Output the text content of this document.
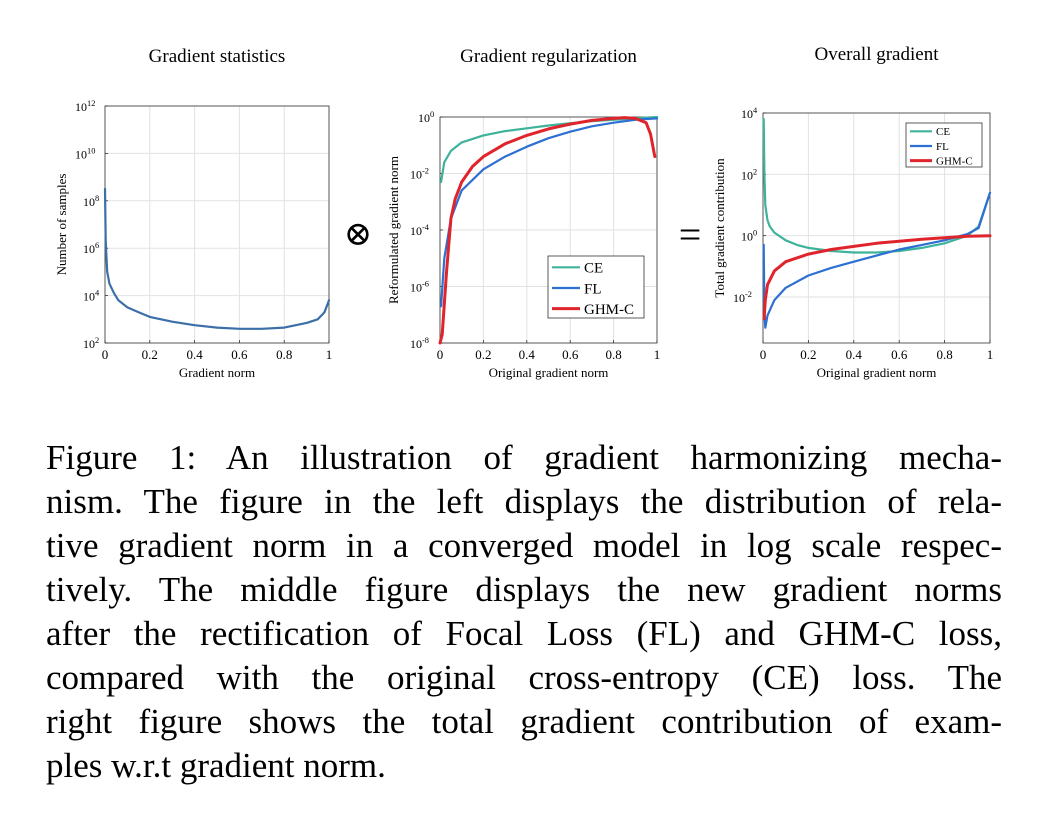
0	0.2 0.4 0.6 0.8	1
$10^2$
$10^4$
$10^6$
$10^8$
$10^{10}$
$10^{12}$
Gradient statistics
Gradient norm
Number of samples	⊗
0 0.2 0.4 0.6 0.8 1
$10^{-8}$
$10^{-6}$
$10^{-4}$
$10^{-2}$
$10^0$
Gradient regularization
Original gradient norm
Reformulated gradient norm	CE
FL
GHM-C
=
0	0.2 0.4 0.6 0.8	1
$10^{-2}$
$10^0$
$10^2$
$10^4$
Overall gradient
Original gradient norm
Total gradient contribution
CE
FL
GHM-C
Figure 1: An illustration of gradient harmonizing mecha-
nism. The figure in the left displays the distribution of rela-
tive gradient norm in a converged model in log scale respec-
tively. The middle figure displays the new gradient norms
after the rectification of Focal Loss (FL) and GHM-C loss,
compared with the original cross-entropy (CE) loss. The
right figure shows the total gradient contribution of exam-
ples w.r.t gradient norm.
